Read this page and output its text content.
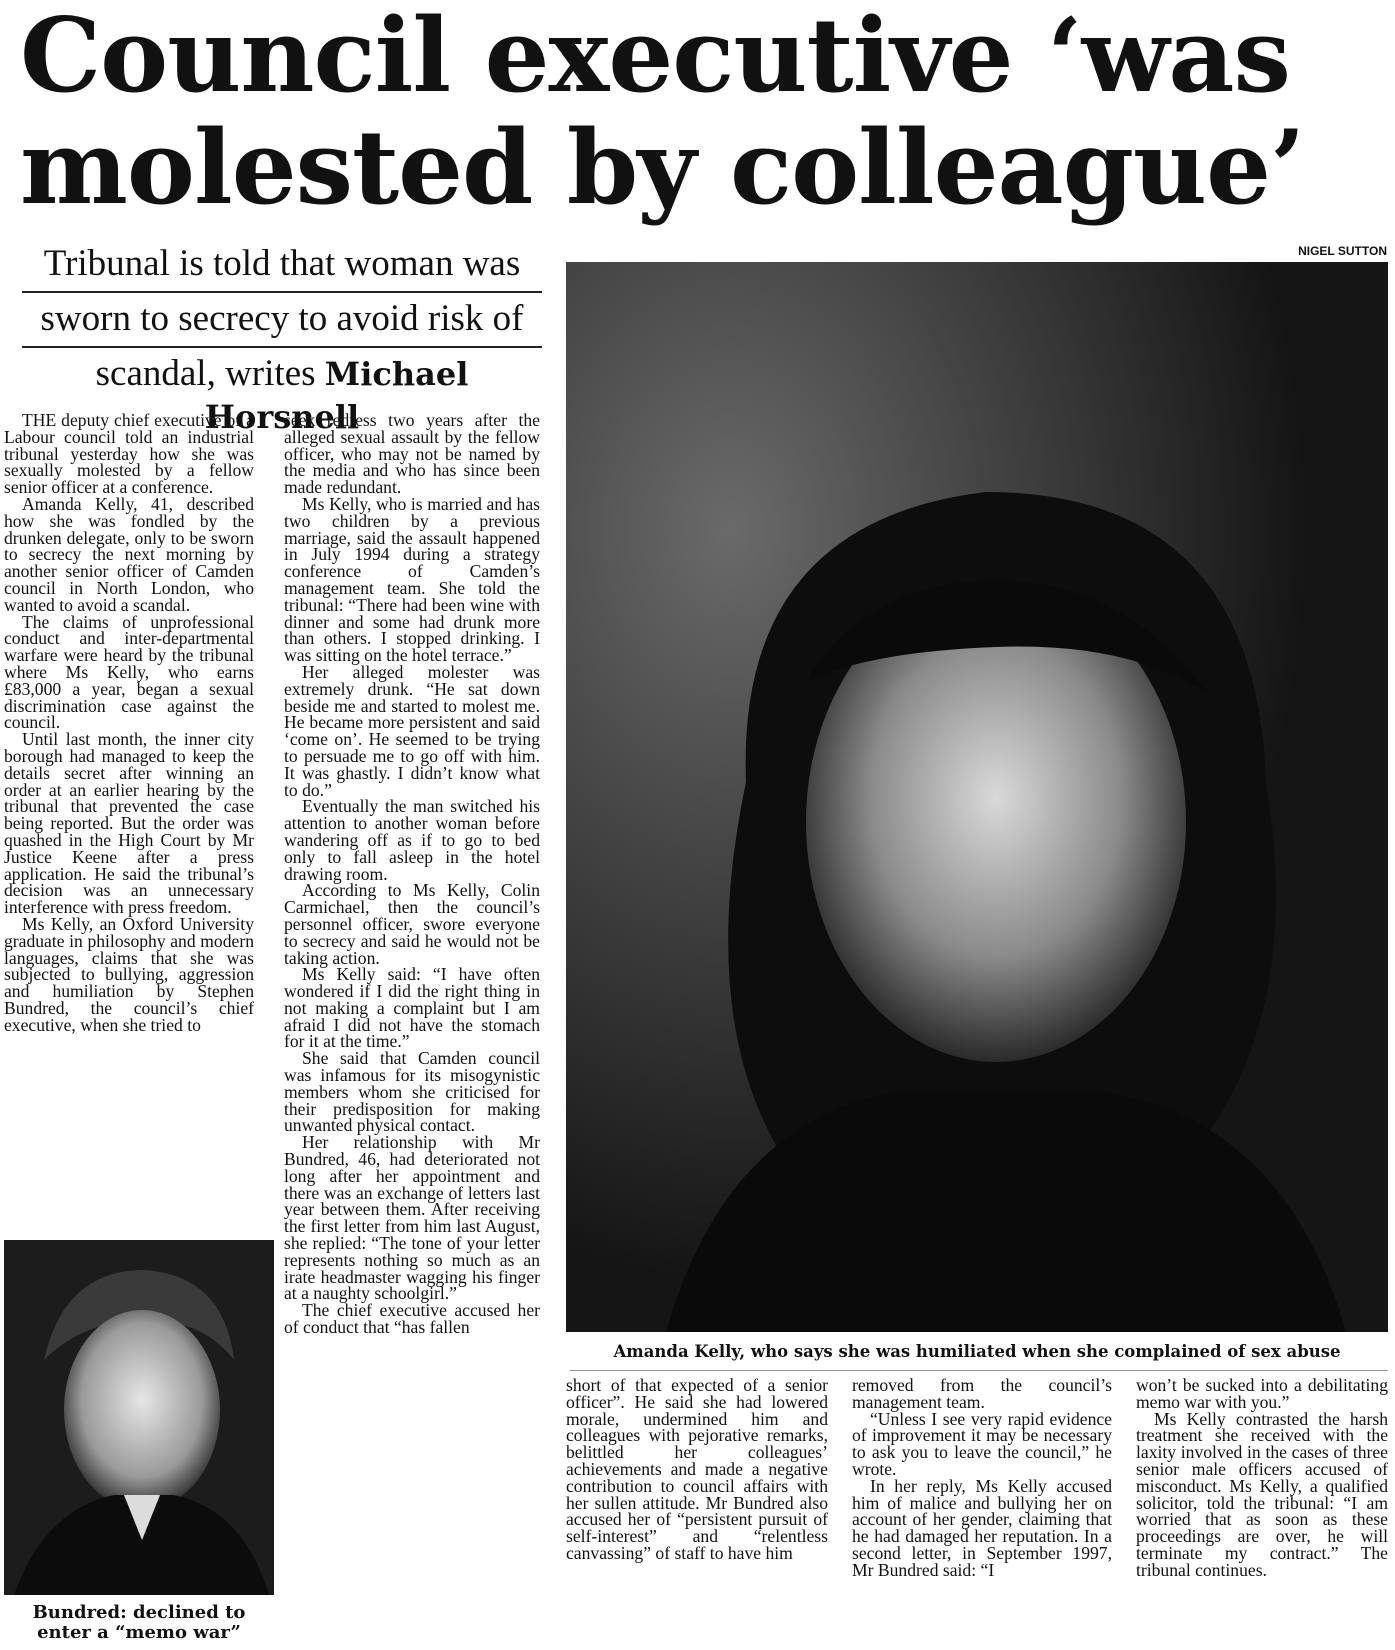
Council executive ‘was
molested by colleague’
Tribunal is told that woman was
sworn to secrecy to avoid risk of
scandal, writes Michael Horsnell

THE deputy chief executive of a Labour council told an industrial tribunal yesterday how she was sexually molested by a fellow senior officer at a conference.

Amanda Kelly, 41, described how she was fondled by the drunken delegate, only to be sworn to secrecy the next morning by another senior officer of Camden council in North London, who wanted to avoid a scandal.

The claims of unprofessional conduct and inter-departmental warfare were heard by the tribunal where Ms Kelly, who earns £83,000 a year, began a sexual discrimination case against the council.

Until last month, the inner city borough had managed to keep the details secret after winning an order at an earlier hearing by the tribunal that prevented the case being reported. But the order was quashed in the High Court by Mr Justice Keene after a press application. He said the tribunal’s decision was an unnecessary interference with press freedom.

Ms Kelly, an Oxford University graduate in philosophy and modern languages, claims that she was subjected to bullying, aggression and humiliation by Stephen Bundred, the council’s chief executive, when she tried to

seek redress two years after the alleged sexual assault by the fellow officer, who may not be named by the media and who has since been made redundant.

Ms Kelly, who is married and has two children by a previous marriage, said the assault happened in July 1994 during a strategy conference of Camden’s management team. She told the tribunal: “There had been wine with dinner and some had drunk more than others. I stopped drinking. I was sitting on the hotel terrace.”

Her alleged molester was extremely drunk. “He sat down beside me and started to molest me. He became more persistent and said ‘come on’. He seemed to be trying to persuade me to go off with him. It was ghastly. I didn’t know what to do.”

Eventually the man switched his attention to another woman before wandering off as if to go to bed only to fall asleep in the hotel drawing room.

According to Ms Kelly, Colin Carmichael, then the council’s personnel officer, swore everyone to secrecy and said he would not be taking action.

Ms Kelly said: “I have often wondered if I did the right thing in not making a complaint but I am afraid I did not have the stomach for it at the time.”

She said that Camden council was infamous for its misogynistic members whom she criticised for their predisposition for making unwanted physical contact.

Her relationship with Mr Bundred, 46, had deteriorated not long after her appointment and there was an exchange of letters last year between them. After receiving the first letter from him last August, she replied: “The tone of your letter represents nothing so much as an irate headmaster wagging his finger at a naughty schoolgirl.”

The chief executive accused her of conduct that “has fallen

short of that expected of a senior officer”. He said she had lowered morale, undermined him and colleagues with pejorative remarks, belittled her colleagues’ achievements and made a negative contribution to council affairs with her sullen attitude. Mr Bundred also accused her of “persistent pursuit of self-interest” and “relentless canvassing” of staff to have him

removed from the council’s management team.

“Unless I see very rapid evidence of improvement it may be necessary to ask you to leave the council,” he wrote.

In her reply, Ms Kelly accused him of malice and bullying her on account of her gender, claiming that he had damaged her reputation. In a second letter, in September 1997, Mr Bundred said: “I

won’t be sucked into a debilitating memo war with you.”

Ms Kelly contrasted the harsh treatment she received with the laxity involved in the cases of three senior male officers accused of misconduct. Ms Kelly, a qualified solicitor, told the tribunal: “I am worried that as soon as these proceedings are over, he will terminate my contract.” The tribunal continues.

NIGEL SUTTON
Amanda Kelly, who says she was humiliated when she complained of sex abuse
Bundred: declined to
enter a “memo war”
